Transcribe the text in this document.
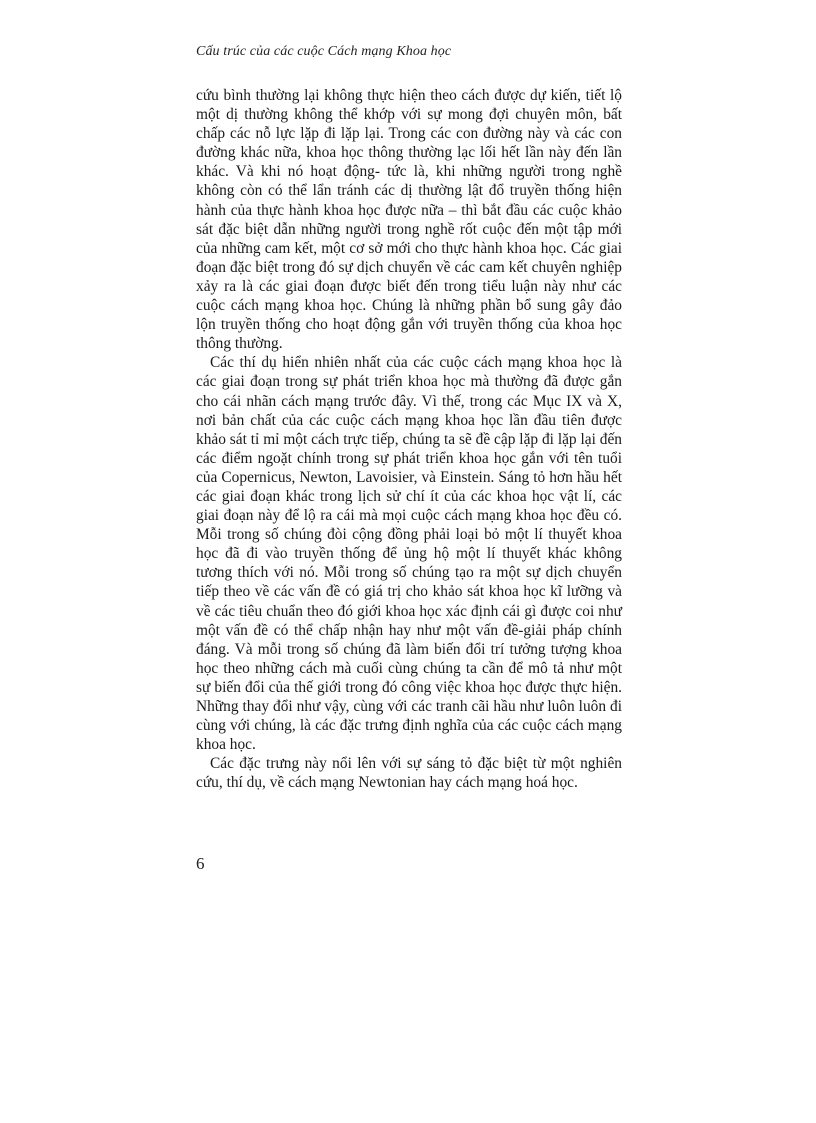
Cấu trúc của các cuộc Cách mạng Khoa học

cứu bình thường lại không thực hiện theo cách được dự kiến, tiết lộ một dị thường không thể khớp với sự mong đợi chuyên môn, bất chấp các nỗ lực lặp đi lặp lại. Trong các con đường này và các con đường khác nữa, khoa học thông thường lạc lối hết lần này đến lần khác. Và khi nó hoạt động- tức là, khi những người trong nghề không còn có thể lẩn tránh các dị thường lật đổ truyền thống hiện hành của thực hành khoa học được nữa – thì bắt đầu các cuộc khảo sát đặc biệt dẫn những người trong nghề rốt cuộc đến một tập mới của những cam kết, một cơ sở mới cho thực hành khoa học. Các giai đoạn đặc biệt trong đó sự dịch chuyển về các cam kết chuyên nghiệp xảy ra là các giai đoạn được biết đến trong tiểu luận này như các cuộc cách mạng khoa học. Chúng là những phần bổ sung gây đảo lộn truyền thống cho hoạt động gắn với truyền thống của khoa học thông thường.

Các thí dụ hiển nhiên nhất của các cuộc cách mạng khoa học là các giai đoạn trong sự phát triển khoa học mà thường đã được gắn cho cái nhãn cách mạng trước đây. Vì thế, trong các Mục IX và X, nơi bản chất của các cuộc cách mạng khoa học lần đầu tiên được khảo sát tỉ mỉ một cách trực tiếp, chúng ta sẽ đề cập lặp đi lặp lại đến các điểm ngoặt chính trong sự phát triển khoa học gắn với tên tuổi của Copernicus, Newton, Lavoisier, và Einstein. Sáng tỏ hơn hầu hết các giai đoạn khác trong lịch sử chí ít của các khoa học vật lí, các giai đoạn này để lộ ra cái mà mọi cuộc cách mạng khoa học đều có. Mỗi trong số chúng đòi cộng đồng phải loại bỏ một lí thuyết khoa học đã đi vào truyền thống để ủng hộ một lí thuyết khác không tương thích với nó. Mỗi trong số chúng tạo ra một sự dịch chuyển tiếp theo về các vấn đề có giá trị cho khảo sát khoa học kĩ lưỡng và về các tiêu chuẩn theo đó giới khoa học xác định cái gì được coi như một vấn đề có thể chấp nhận hay như một vấn đề-giải pháp chính đáng. Và mỗi trong số chúng đã làm biến đổi trí tưởng tượng khoa học theo những cách mà cuối cùng chúng ta cần để mô tả như một sự biến đổi của thế giới trong đó công việc khoa học được thực hiện. Những thay đổi như vậy, cùng với các tranh cãi hầu như luôn luôn đi cùng với chúng, là các đặc trưng định nghĩa của các cuộc cách mạng khoa học.

Các đặc trưng này nổi lên với sự sáng tỏ đặc biệt từ một nghiên cứu, thí dụ, về cách mạng Newtonian hay cách mạng hoá học.

6
